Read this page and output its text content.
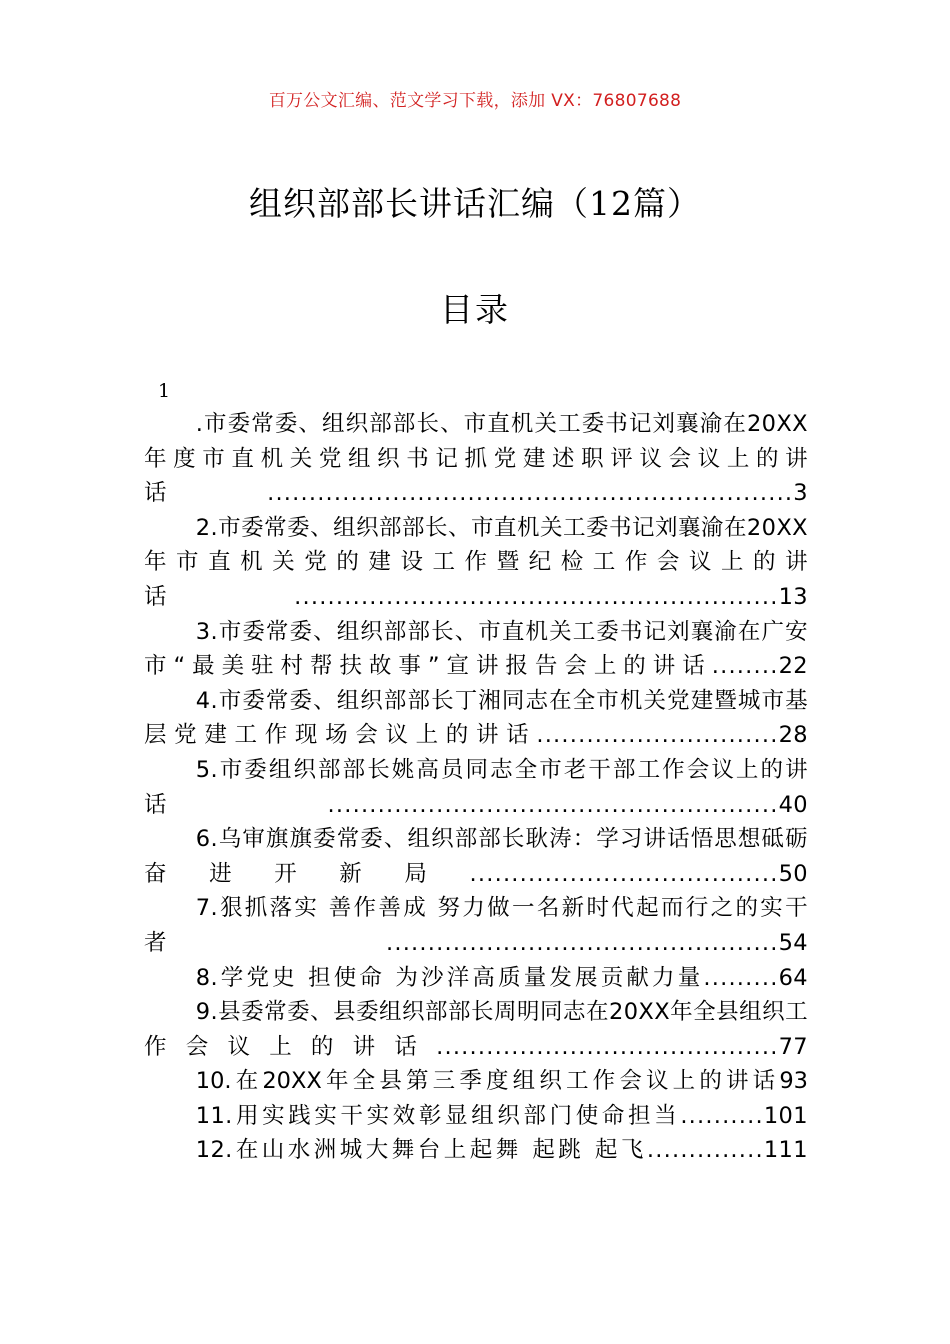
百万公文汇编、范文学习下载，添加 VX：76807688
组织部部长讲话汇编（12篇）
目录
1
.市委常委、组织部部长、市直机关工委书记刘襄渝在20XX年度市直机关党组织书记抓党建述职评议会议上的讲话...............................................................3
2.市委常委、组织部部长、市直机关工委书记刘襄渝在20XX年市直机关党的建设工作暨纪检工作会议上的讲话..........................................................13
3.市委常委、组织部部长、市直机关工委书记刘襄渝在广安市“最美驻村帮扶故事”宣讲报告会上的讲话........22
4.市委常委、组织部部长丁湘同志在全市机关党建暨城市基层党建工作现场会议上的讲话.............................28
5.市委组织部部长姚高员同志全市老干部工作会议上的讲话......................................................40
6.乌审旗旗委常委、组织部部长耿涛：学习讲话悟思想砥砺奋进开新局.....................................50
7.狠抓落实 善作善成 努力做一名新时代起而行之的实干者...............................................54
8.学党史 担使命 为沙洋高质量发展贡献力量.........64
9.县委常委、县委组织部部长周明同志在20XX年全县组织工作会议上的讲话.........................................77
10.在20XX年全县第三季度组织工作会议上的讲话93
11.用实践实干实效彰显组织部门使命担当..........101
12.在山水洲城大舞台上起舞 起跳 起飞..............111
